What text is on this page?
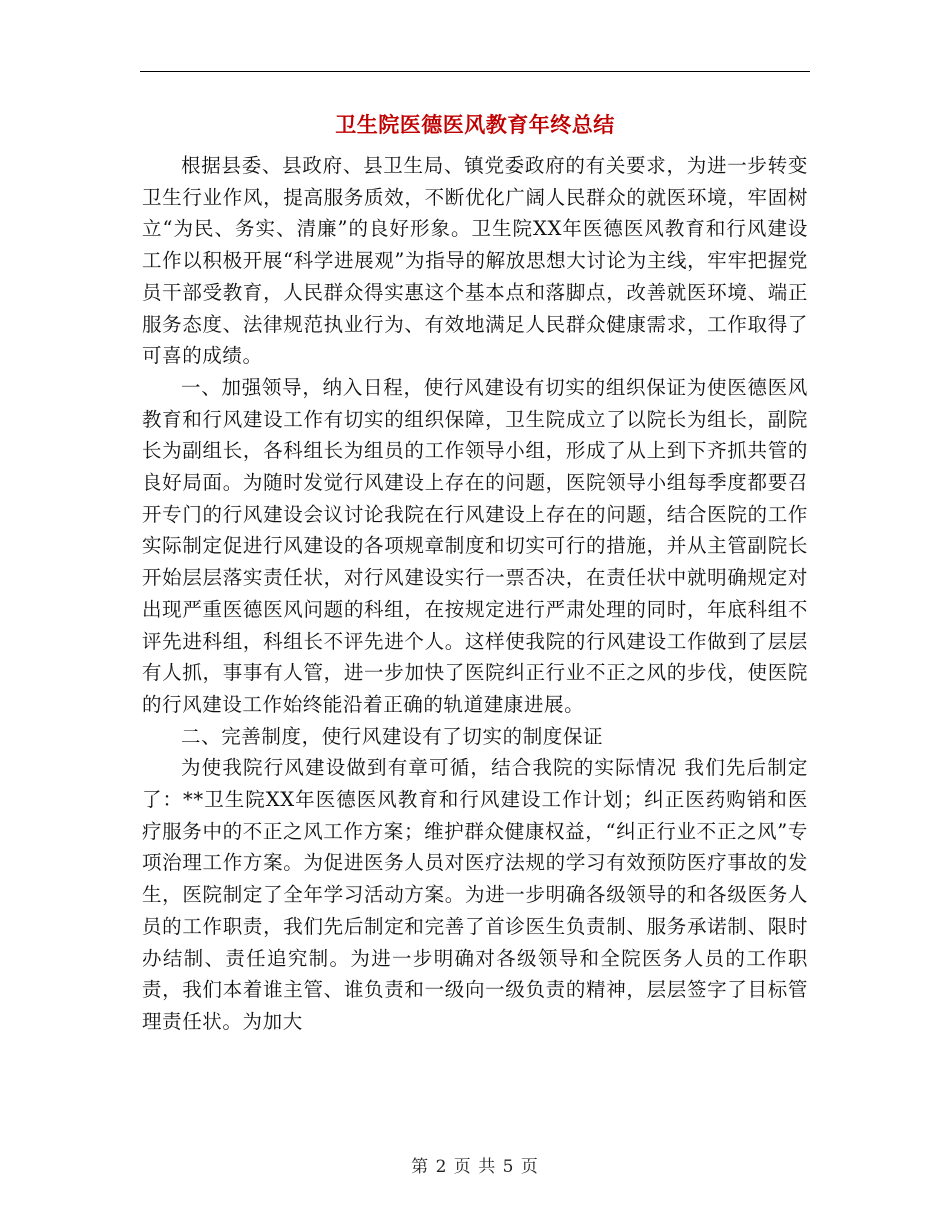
卫生院医德医风教育年终总结

根据县委、县政府、县卫生局、镇党委政府的有关要求，为进一步转变卫生行业作风，提高服务质效，不断优化广阔人民群众的就医环境，牢固树立“为民、务实、清廉”的良好形象。卫生院XX年医德医风教育和行风建设工作以积极开展“科学进展观”为指导的解放思想大讨论为主线，牢牢把握党员干部受教育，人民群众得实惠这个基本点和落脚点，改善就医环境、端正服务态度、法律规范执业行为、有效地满足人民群众健康需求，工作取得了可喜的成绩。

一、加强领导，纳入日程，使行风建设有切实的组织保证为使医德医风教育和行风建设工作有切实的组织保障，卫生院成立了以院长为组长，副院长为副组长，各科组长为组员的工作领导小组，形成了从上到下齐抓共管的良好局面。为随时发觉行风建设上存在的问题，医院领导小组每季度都要召开专门的行风建设会议讨论我院在行风建设上存在的问题，结合医院的工作实际制定促进行风建设的各项规章制度和切实可行的措施，并从主管副院长开始层层落实责任状，对行风建设实行一票否决，在责任状中就明确规定对出现严重医德医风问题的科组，在按规定进行严肃处理的同时，年底科组不评先进科组，科组长不评先进个人。这样使我院的行风建设工作做到了层层有人抓，事事有人管，进一步加快了医院纠正行业不正之风的步伐，使医院的行风建设工作始终能沿着正确的轨道建康进展。

二、完善制度，使行风建设有了切实的制度保证

为使我院行风建设做到有章可循，结合我院的实际情况 我们先后制定了：**卫生院XX年医德医风教育和行风建设工作计划；纠正医药购销和医疗服务中的不正之风工作方案；维护群众健康权益，“纠正行业不正之风”专项治理工作方案。为促进医务人员对医疗法规的学习有效预防医疗事故的发生，医院制定了全年学习活动方案。为进一步明确各级领导的和各级医务人员的工作职责，我们先后制定和完善了首诊医生负责制、服务承诺制、限时办结制、责任追究制。为进一步明确对各级领导和全院医务人员的工作职责，我们本着谁主管、谁负责和一级向一级负责的精神，层层签字了目标管理责任状。为加大

第 2 页 共 5 页
